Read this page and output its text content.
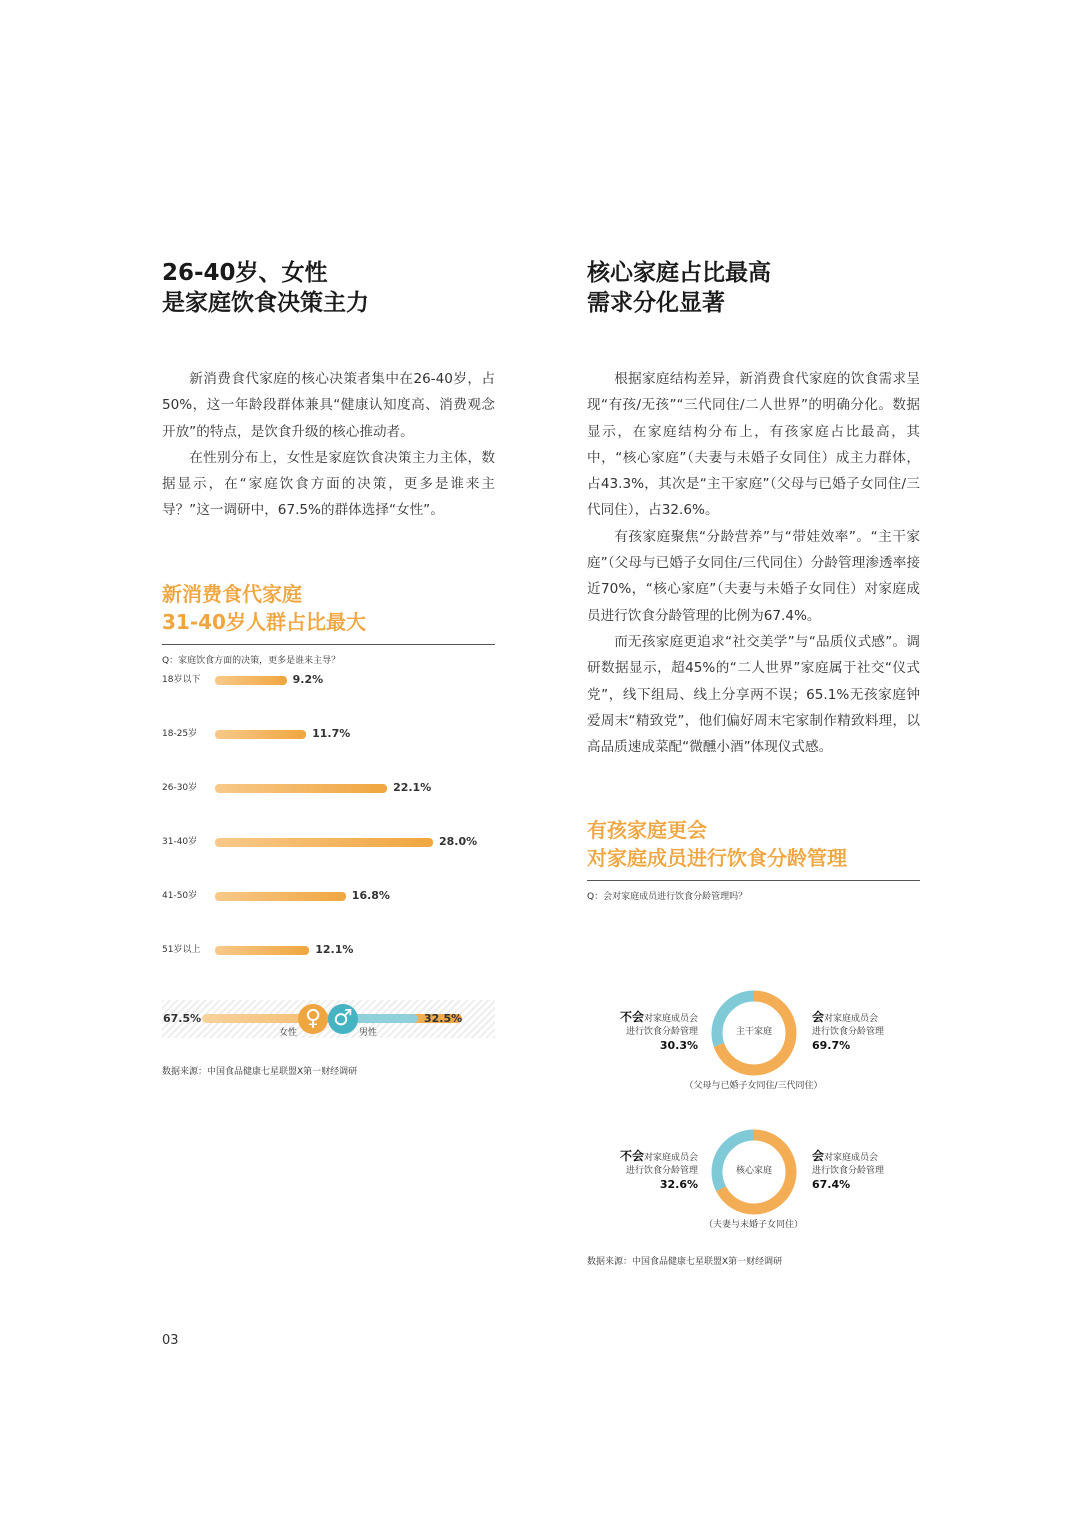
26-40岁、女性
是家庭饮食决策主力

新消费食代家庭的核心决策者集中在26-40岁，占50%，这一年龄段群体兼具“健康认知度高、消费观念开放”的特点，是饮食升级的核心推动者。

在性别分布上，女性是家庭饮食决策主力主体，数据显示，在“家庭饮食方面的决策，更多是谁来主导？”这一调研中，67.5%的群体选择“女性”。

新消费食代家庭
31-40岁人群占比最大
Q：家庭饮食方面的决策，更多是谁来主导？
18岁以下	9.2%
18-25岁	11.7%
26-30岁	22.1%
31-40岁	28.0%
41-50岁	16.8%
51岁以上	12.1%
67.5%	♀ ♂
女性	男性
32.5%
数据来源：中国食品健康七星联盟X第一财经调研
核心家庭占比最高
需求分化显著

根据家庭结构差异，新消费食代家庭的饮食需求呈现“有孩/无孩”“三代同住/二人世界”的明确分化。数据显示，在家庭结构分布上，有孩家庭占比最高，其中，“核心家庭”（夫妻与未婚子女同住）成主力群体，占43.3%，其次是“主干家庭”（父母与已婚子女同住/三代同住），占32.6%。

有孩家庭聚焦“分龄营养”与“带娃效率”。“主干家庭”（父母与已婚子女同住/三代同住）分龄管理渗透率接近70%，“核心家庭”（夫妻与未婚子女同住）对家庭成员进行饮食分龄管理的比例为67.4%。

而无孩家庭更追求“社交美学”与“品质仪式感”。调研数据显示，超45%的“二人世界”家庭属于社交“仪式党”，线下组局、线上分享两不误；65.1%无孩家庭钟爱周末“精致党”，他们偏好周末宅家制作精致料理，以高品质速成菜配“微醺小酒”体现仪式感。

有孩家庭更会
对家庭成员进行饮食分龄管理
Q：会对家庭成员进行饮食分龄管理吗？
不会对家庭成员会
进行饮食分龄管理
30.3%
主干家庭
会对家庭成员会
进行饮食分龄管理
69.7%
（父母与已婚子女同住/三代同住）
不会对家庭成员会
进行饮食分龄管理
32.6%
核心家庭
会对家庭成员会
进行饮食分龄管理
67.4%
（夫妻与未婚子女同住）
数据来源：中国食品健康七星联盟X第一财经调研
03
